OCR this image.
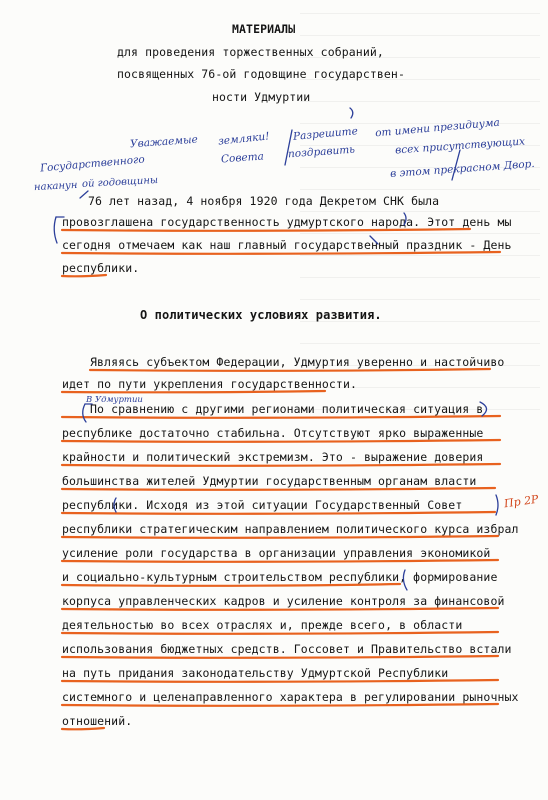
МАТЕРИАЛЫ
для проведения торжественных собраний,
посвященных 76-ой годовщине государствен-
ности Удмуртии
Уважаемые земляки! Разрешите от имени президиума
Государственного	Совета поздравить	всех присутствующих
в этом прекрасном Двор.
наканун ой годовщины
В Удмуртии
Пр 2Р
76 лет назад, 4 ноября 1920 года Декретом СНК была
провозглашена государственность удмуртского народа. Этот день мы
сегодня отмечаем как наш главный государственный праздник - День
республики.
О политических условиях развития.
Являясь субъектом Федерации, Удмуртия уверенно и настойчиво
идет по пути укрепления государственности.
По сравнению с другими регионами политическая ситуация в
республике достаточно стабильна. Отсутствуют ярко выраженные
крайности и политический экстремизм. Это - выражение доверия
большинства жителей Удмуртии государственным органам власти
республики. Исходя из этой ситуации Государственный Совет
республики стратегическим направлением политического курса избрал
усиление роли государства в организации управления экономикой
и социально-культурным строительством республики, формирование
корпуса управленческих кадров и усиление контроля за финансовой
деятельностью во всех отраслях и, прежде всего, в области
использования бюджетных средств. Госсовет и Правительство встали
на путь придания законодательству Удмуртской Республики
системного и целенаправленного характера в регулировании рыночных
отношений.
